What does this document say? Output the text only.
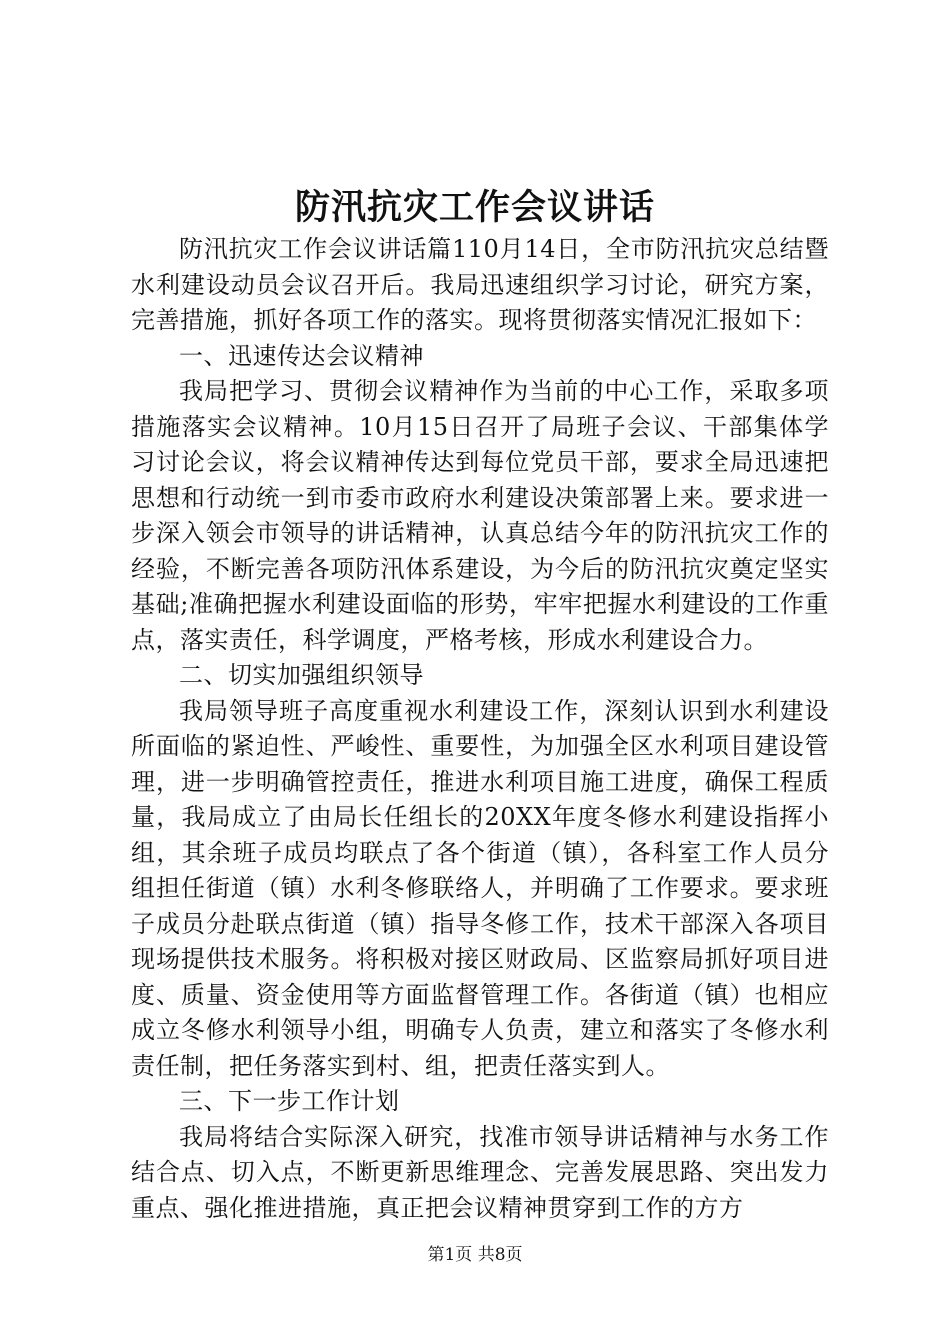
防汛抗灾工作会议讲话

防汛抗灾工作会议讲话篇110月14日，全市防汛抗灾总结暨水利建设动员会议召开后。我局迅速组织学习讨论，研究方案，完善措施，抓好各项工作的落实。现将贯彻落实情况汇报如下：

一、迅速传达会议精神

我局把学习、贯彻会议精神作为当前的中心工作，采取多项措施落实会议精神。10月15日召开了局班子会议、干部集体学习讨论会议，将会议精神传达到每位党员干部，要求全局迅速把思想和行动统一到市委市政府水利建设决策部署上来。要求进一步深入领会市领导的讲话精神，认真总结今年的防汛抗灾工作的经验，不断完善各项防汛体系建设，为今后的防汛抗灾奠定坚实基础;准确把握水利建设面临的形势，牢牢把握水利建设的工作重点，落实责任，科学调度，严格考核，形成水利建设合力。

二、切实加强组织领导

我局领导班子高度重视水利建设工作，深刻认识到水利建设所面临的紧迫性、严峻性、重要性，为加强全区水利项目建设管理，进一步明确管控责任，推进水利项目施工进度，确保工程质量，我局成立了由局长任组长的20XX年度冬修水利建设指挥小组，其余班子成员均联点了各个街道（镇），各科室工作人员分组担任街道（镇）水利冬修联络人，并明确了工作要求。要求班子成员分赴联点街道（镇）指导冬修工作，技术干部深入各项目现场提供技术服务。将积极对接区财政局、区监察局抓好项目进度、质量、资金使用等方面监督管理工作。各街道（镇）也相应成立冬修水利领导小组，明确专人负责，建立和落实了冬修水利责任制，把任务落实到村、组，把责任落实到人。

三、下一步工作计划

我局将结合实际深入研究，找准市领导讲话精神与水务工作结合点、切入点，不断更新思维理念、完善发展思路、突出发力重点、强化推进措施，真正把会议精神贯穿到工作的方方

第1页 共8页
